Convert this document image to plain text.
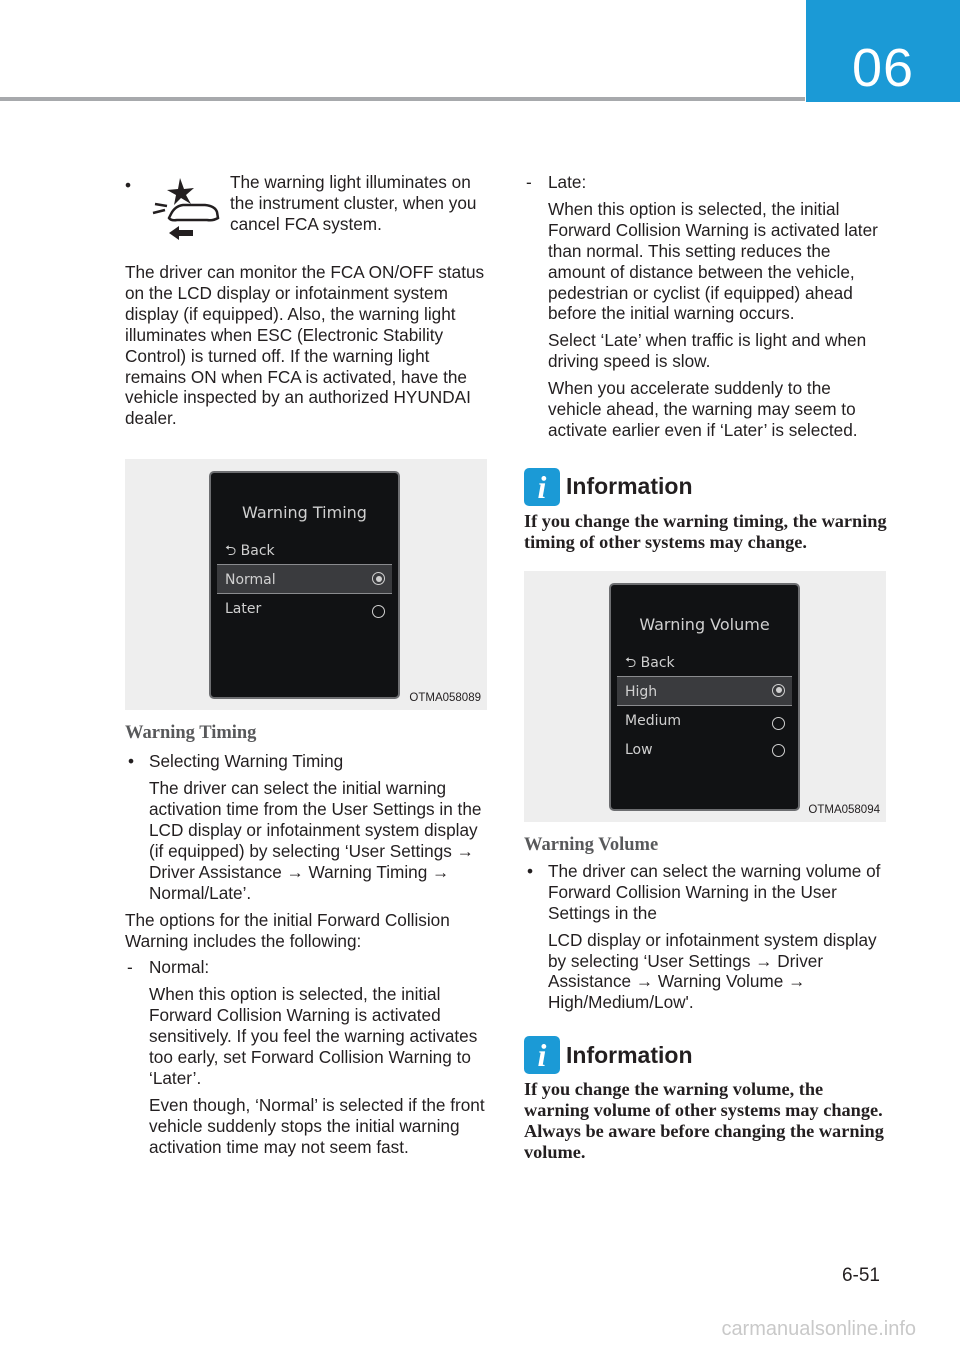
06
•	The warning light illuminates on the instrument cluster, when you cancel FCA system.

The driver can monitor the FCA ON/OFF status on the LCD display or infotainment system display (if equipped). Also, the warning light illuminates when ESC (Electronic Stability Control) is turned off. If the warning light remains ON when FCA is activated, have the vehicle inspected by an authorized HYUNDAI dealer.

Warning Timing
⮌ Back
Normal
Later
OTMA058089
Warning Timing

• Selecting Warning Timing

The driver can select the initial warning activation time from the User Settings in the LCD display or infotainment system display (if equipped) by selecting ‘User Settings → Driver Assistance → Warning Timing → Normal/Late’.

The options for the initial Forward Collision Warning includes the following:

- Normal:

When this option is selected, the initial Forward Collision Warning is activated sensitively. If you feel the warning activates too early, set Forward Collision Warning to ‘Later’.

Even though, ‘Normal’ is selected if the front vehicle suddenly stops the initial warning activation time may not seem fast.

- Late:

When this option is selected, the initial Forward Collision Warning is activated later than normal. This setting reduces the amount of distance between the vehicle, pedestrian or cyclist (if equipped) ahead before the initial warning occurs.

Select ‘Late’ when traffic is light and when driving speed is slow.

When you accelerate suddenly to the vehicle ahead, the warning may seem to activate earlier even if ‘Later’ is selected.

i Information

If you change the warning timing, the warning timing of other systems may change.

Warning Volume
⮌ Back
High
Medium
Low
OTMA058094
Warning Volume

• The driver can select the warning volume of Forward Collision Warning in the User Settings in the

LCD display or infotainment system display by selecting ‘User Settings → Driver Assistance → Warning Volume → High/Medium/Low'.

i Information

If you change the warning volume, the warning volume of other systems may change. Always be aware before changing the warning volume.

6-51
carmanualsonline.info
